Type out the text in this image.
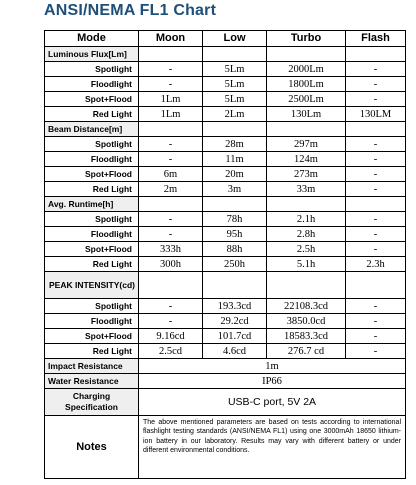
ANSI/NEMA FL1 Chart
Mode	Moon	Low	Turbo	Flash
Luminous Flux[Lm]				
Spotlight	-	5Lm	2000Lm	-
Floodlight	-	5Lm	1800Lm	-
Spot+Flood	1Lm	5Lm	2500Lm	-
Red Light	1Lm	2Lm	130Lm	130LM
Beam Distance[m]				
Spotlight	-	28m	297m	-
Floodlight	-	11m	124m	-
Spot+Flood	6m	20m	273m	-
Red Light	2m	3m	33m	-
Avg. Runtime[h]				
Spotlight	-	78h	2.1h	-
Floodlight	-	95h	2.8h	-
Spot+Flood	333h	88h	2.5h	-
Red Light	300h	250h	5.1h	2.3h
PEAK INTENSITY(cd)				
Spotlight	-	193.3cd	22108.3cd	-
Floodlight	-	29.2cd	3850.0cd	-
Spot+Flood	9.16cd	101.7cd	18583.3cd	-
Red Light	2.5cd	4.6cd	276.7 cd	-
Impact Resistance	1m			
Water Resistance	IP66			
Charging Specification	USB-C port, 5V 2A			
Notes	The above mentioned parameters are based on tests according to international flashlight testing standards (ANSI/NEMA FL1) using one 3000mAh 18650 lithium-ion battery in our laboratory. Results may vary with different battery or under different environmental conditions.			
